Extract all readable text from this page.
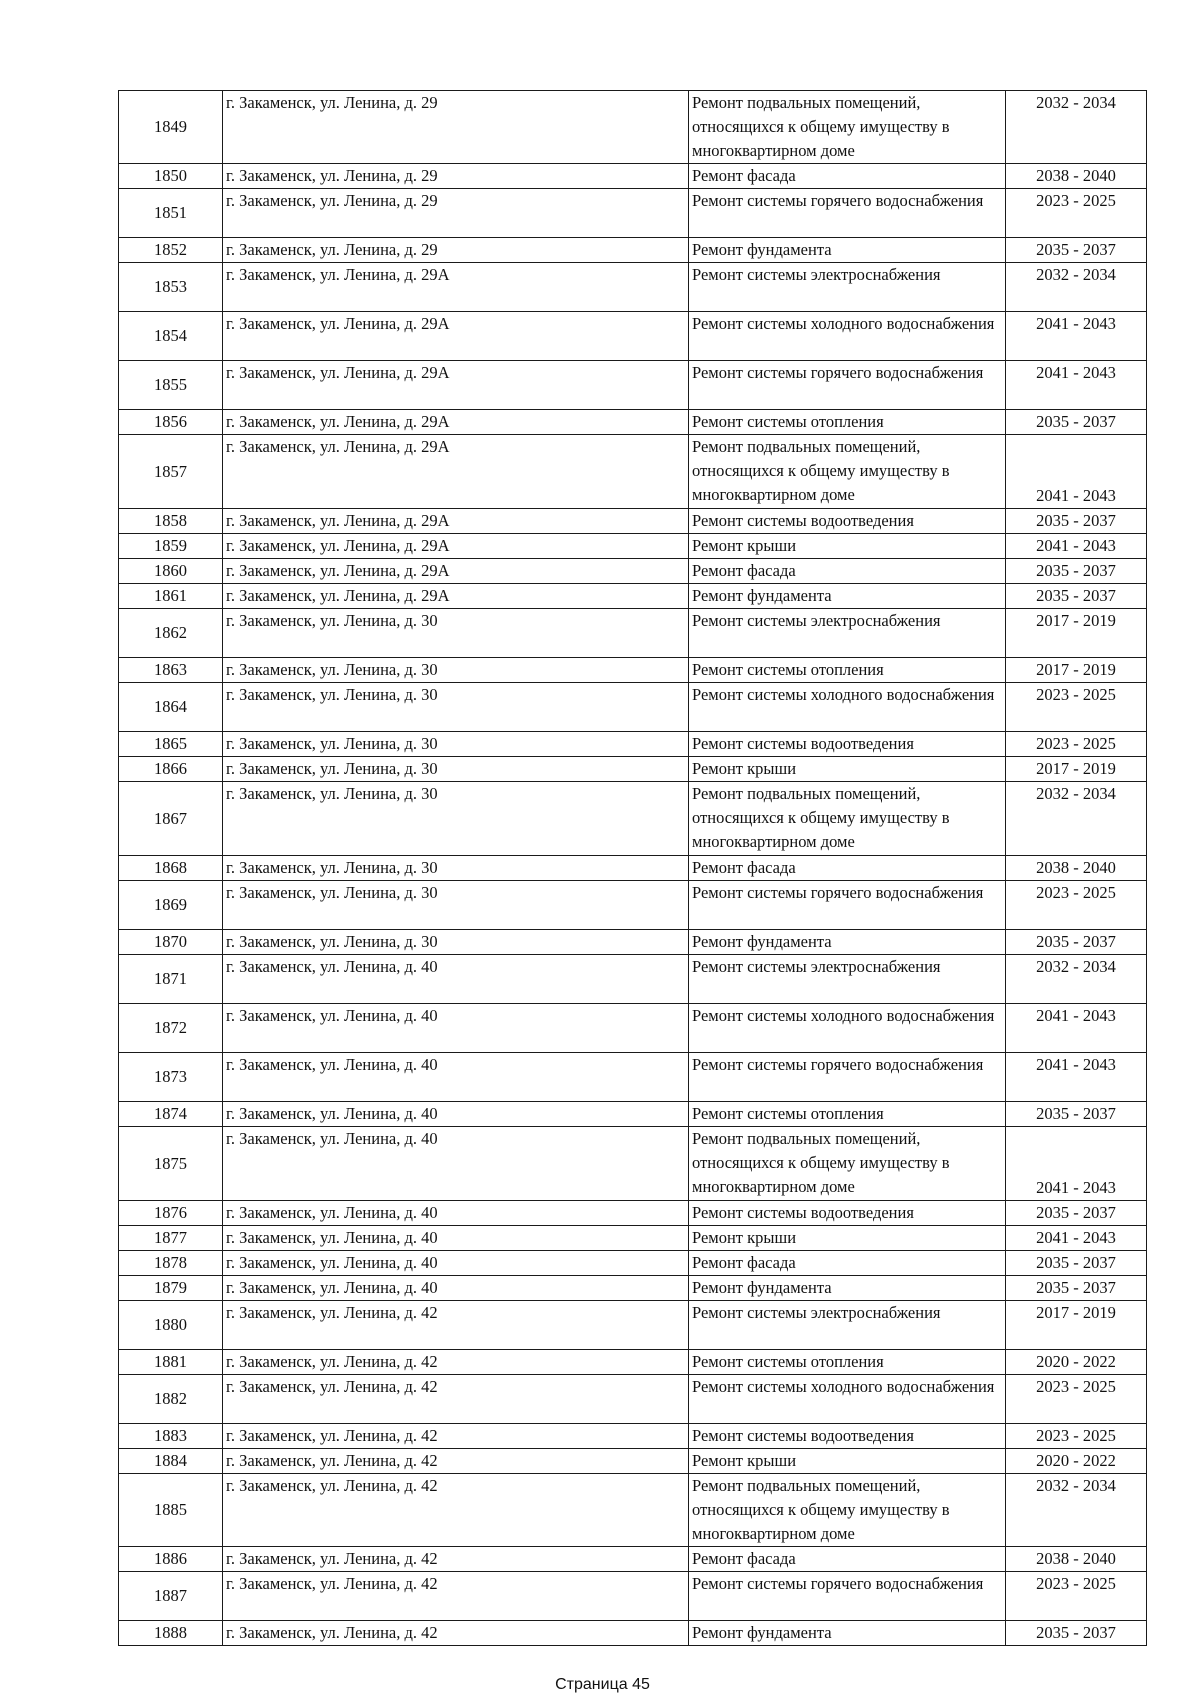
1849	г. Закаменск, ул. Ленина, д. 29	Ремонт подвальных помещений, относящихся к общему имуществу в многоквартирном доме	2032 - 2034
1850	г. Закаменск, ул. Ленина, д. 29	Ремонт фасада	2038 - 2040
1851	г. Закаменск, ул. Ленина, д. 29	Ремонт системы горячего водоснабжения	2023 - 2025
1852	г. Закаменск, ул. Ленина, д. 29	Ремонт фундамента	2035 - 2037
1853	г. Закаменск, ул. Ленина, д. 29А	Ремонт системы электроснабжения	2032 - 2034
1854	г. Закаменск, ул. Ленина, д. 29А	Ремонт системы холодного водоснабжения	2041 - 2043
1855	г. Закаменск, ул. Ленина, д. 29А	Ремонт системы горячего водоснабжения	2041 - 2043
1856	г. Закаменск, ул. Ленина, д. 29А	Ремонт системы отопления	2035 - 2037
1857	г. Закаменск, ул. Ленина, д. 29А	Ремонт подвальных помещений, относящихся к общему имуществу в многоквартирном доме	2041 - 2043
1858	г. Закаменск, ул. Ленина, д. 29А	Ремонт системы водоотведения	2035 - 2037
1859	г. Закаменск, ул. Ленина, д. 29А	Ремонт крыши	2041 - 2043
1860	г. Закаменск, ул. Ленина, д. 29А	Ремонт фасада	2035 - 2037
1861	г. Закаменск, ул. Ленина, д. 29А	Ремонт фундамента	2035 - 2037
1862	г. Закаменск, ул. Ленина, д. 30	Ремонт системы электроснабжения	2017 - 2019
1863	г. Закаменск, ул. Ленина, д. 30	Ремонт системы отопления	2017 - 2019
1864	г. Закаменск, ул. Ленина, д. 30	Ремонт системы холодного водоснабжения	2023 - 2025
1865	г. Закаменск, ул. Ленина, д. 30	Ремонт системы водоотведения	2023 - 2025
1866	г. Закаменск, ул. Ленина, д. 30	Ремонт крыши	2017 - 2019
1867	г. Закаменск, ул. Ленина, д. 30	Ремонт подвальных помещений, относящихся к общему имуществу в многоквартирном доме	2032 - 2034
1868	г. Закаменск, ул. Ленина, д. 30	Ремонт фасада	2038 - 2040
1869	г. Закаменск, ул. Ленина, д. 30	Ремонт системы горячего водоснабжения	2023 - 2025
1870	г. Закаменск, ул. Ленина, д. 30	Ремонт фундамента	2035 - 2037
1871	г. Закаменск, ул. Ленина, д. 40	Ремонт системы электроснабжения	2032 - 2034
1872	г. Закаменск, ул. Ленина, д. 40	Ремонт системы холодного водоснабжения	2041 - 2043
1873	г. Закаменск, ул. Ленина, д. 40	Ремонт системы горячего водоснабжения	2041 - 2043
1874	г. Закаменск, ул. Ленина, д. 40	Ремонт системы отопления	2035 - 2037
1875	г. Закаменск, ул. Ленина, д. 40	Ремонт подвальных помещений, относящихся к общему имуществу в многоквартирном доме	2041 - 2043
1876	г. Закаменск, ул. Ленина, д. 40	Ремонт системы водоотведения	2035 - 2037
1877	г. Закаменск, ул. Ленина, д. 40	Ремонт крыши	2041 - 2043
1878	г. Закаменск, ул. Ленина, д. 40	Ремонт фасада	2035 - 2037
1879	г. Закаменск, ул. Ленина, д. 40	Ремонт фундамента	2035 - 2037
1880	г. Закаменск, ул. Ленина, д. 42	Ремонт системы электроснабжения	2017 - 2019
1881	г. Закаменск, ул. Ленина, д. 42	Ремонт системы отопления	2020 - 2022
1882	г. Закаменск, ул. Ленина, д. 42	Ремонт системы холодного водоснабжения	2023 - 2025
1883	г. Закаменск, ул. Ленина, д. 42	Ремонт системы водоотведения	2023 - 2025
1884	г. Закаменск, ул. Ленина, д. 42	Ремонт крыши	2020 - 2022
1885	г. Закаменск, ул. Ленина, д. 42	Ремонт подвальных помещений, относящихся к общему имуществу в многоквартирном доме	2032 - 2034
1886	г. Закаменск, ул. Ленина, д. 42	Ремонт фасада	2038 - 2040
1887	г. Закаменск, ул. Ленина, д. 42	Ремонт системы горячего водоснабжения	2023 - 2025
1888	г. Закаменск, ул. Ленина, д. 42	Ремонт фундамента	2035 - 2037
Страница 45
